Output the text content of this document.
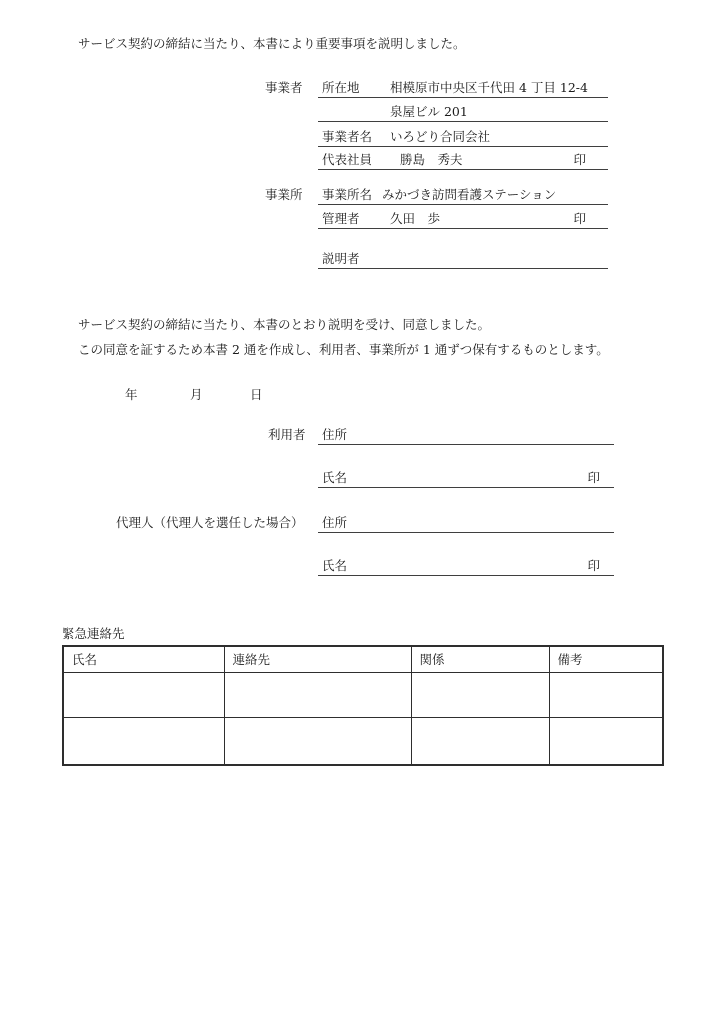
サービス契約の締結に当たり、本書により重要事項を説明しました。
事業者 所在地 相模原市中央区千代田 4 丁目 12-4
泉屋ビル 201
事業者名 いろどり合同会社
代表社員 勝島　秀夫	印
事業所 事業所名 みかづき訪問看護ステーション
管理者 久田　歩	印
説明者
サービス契約の締結に当たり、本書のとおり説明を受け、同意しました。
この同意を証するため本書 2 通を作成し、利用者、事業所が 1 通ずつ保有するものとします。
年	月	日
利用者 住所
氏名	印
代理人（代理人を選任した場合） 住所
氏名	印
緊急連絡先
氏名	連絡先	関係	備考
